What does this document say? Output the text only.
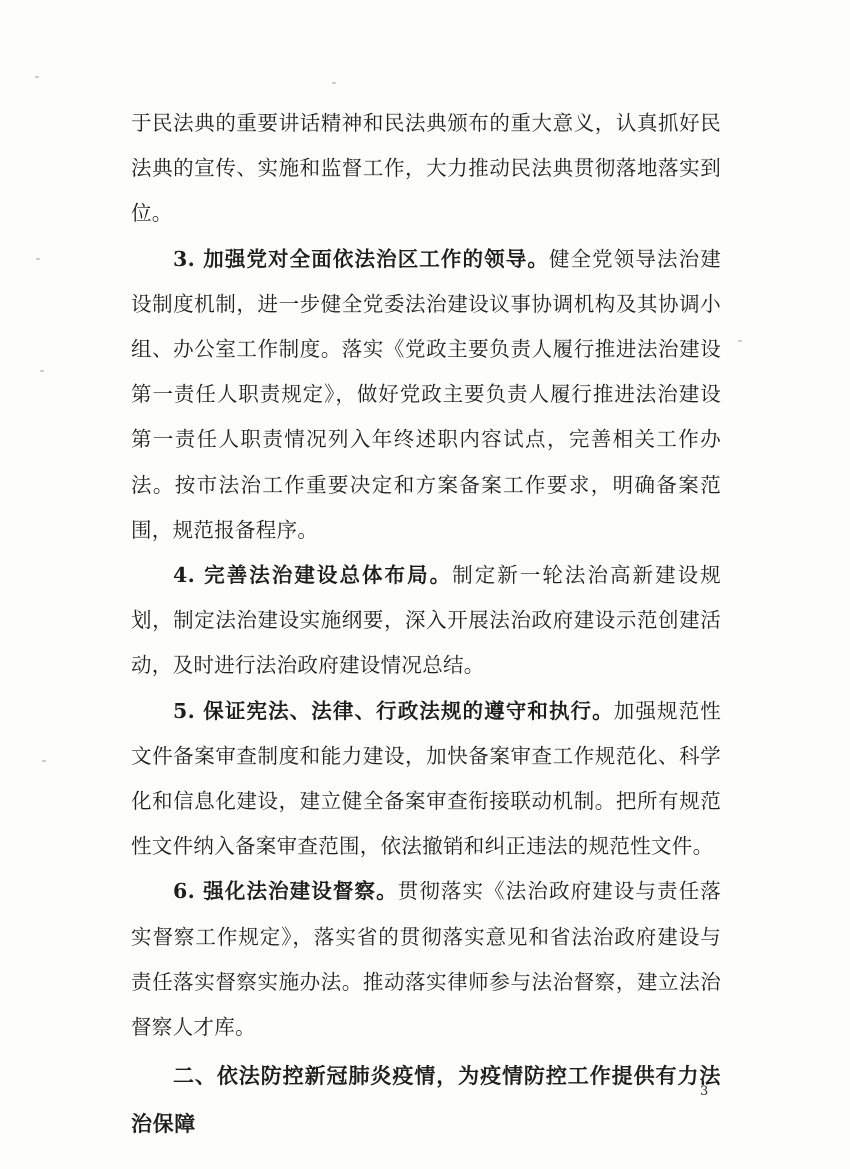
于民法典的重要讲话精神和民法典颁布的重大意义，认真抓好民法典的宣传、实施和监督工作，大力推动民法典贯彻落地落实到位。

3. 加强党对全面依法治区工作的领导。健全党领导法治建设制度机制，进一步健全党委法治建设议事协调机构及其协调小组、办公室工作制度。落实《党政主要负责人履行推进法治建设第一责任人职责规定》，做好党政主要负责人履行推进法治建设第一责任人职责情况列入年终述职内容试点，完善相关工作办法。按市法治工作重要决定和方案备案工作要求，明确备案范围，规范报备程序。

4. 完善法治建设总体布局。制定新一轮法治高新建设规划，制定法治建设实施纲要，深入开展法治政府建设示范创建活动，及时进行法治政府建设情况总结。

5. 保证宪法、法律、行政法规的遵守和执行。加强规范性文件备案审查制度和能力建设，加快备案审查工作规范化、科学化和信息化建设，建立健全备案审查衔接联动机制。把所有规范性文件纳入备案审查范围，依法撤销和纠正违法的规范性文件。

6. 强化法治建设督察。贯彻落实《法治政府建设与责任落实督察工作规定》，落实省的贯彻落实意见和省法治政府建设与责任落实督察实施办法。推动落实律师参与法治督察，建立法治督察人才库。

二、依法防控新冠肺炎疫情，为疫情防控工作提供有力法治保障

3
